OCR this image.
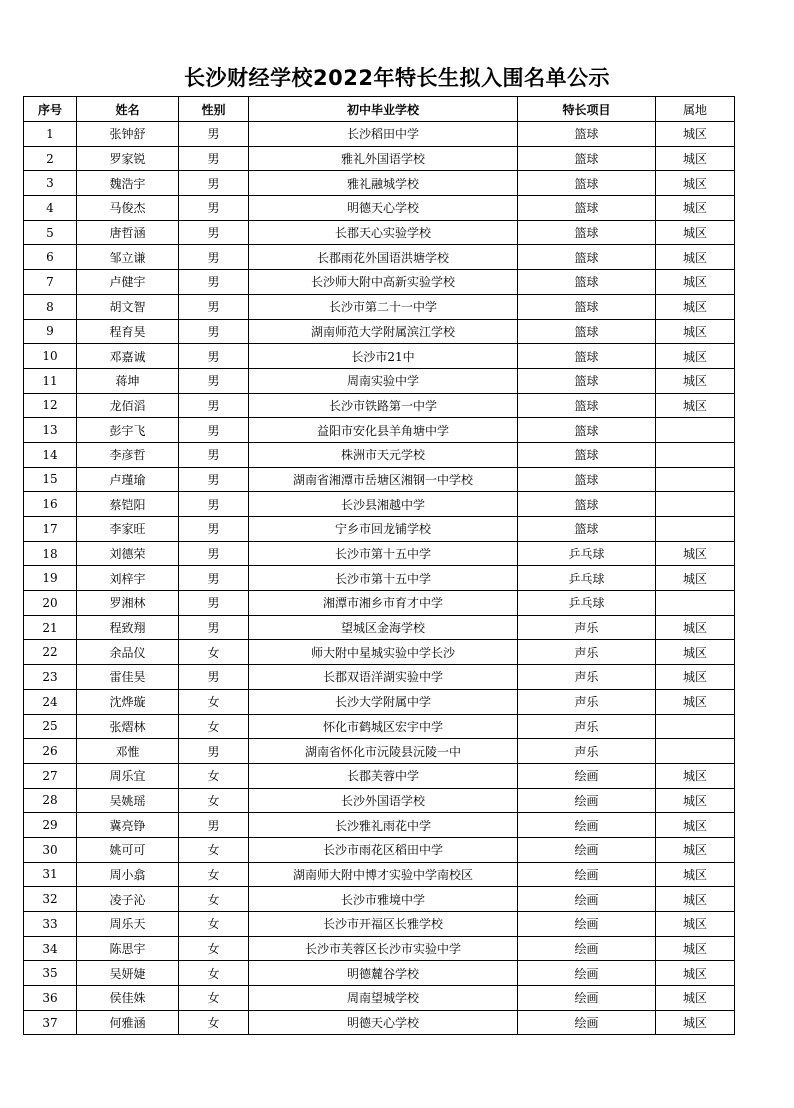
长沙财经学校2022年特长生拟入围名单公示
序号	姓名	性别	初中毕业学校	特长项目	属地
1	张钟舒	男	长沙稻田中学	篮球	城区
2	罗家锐	男	雅礼外国语学校	篮球	城区
3	魏浩宇	男	雅礼融城学校	篮球	城区
4	马俊杰	男	明德天心学校	篮球	城区
5	唐哲涵	男	长郡天心实验学校	篮球	城区
6	邹立谦	男	长郡雨花外国语洪塘学校	篮球	城区
7	卢健宇	男	长沙师大附中高新实验学校	篮球	城区
8	胡文智	男	长沙市第二十一中学	篮球	城区
9	程育昊	男	湖南师范大学附属滨江学校	篮球	城区
10	邓嘉诚	男	长沙市21中	篮球	城区
11	蒋坤	男	周南实验中学	篮球	城区
12	龙佰滔	男	长沙市铁路第一中学	篮球	城区
13	彭宇飞	男	益阳市安化县羊角塘中学	篮球	
14	李彦哲	男	株洲市天元学校	篮球	
15	卢瑾瑜	男	湖南省湘潭市岳塘区湘钢一中学校	篮球	
16	蔡铠阳	男	长沙县湘越中学	篮球	
17	李家旺	男	宁乡市回龙铺学校	篮球	
18	刘德荣	男	长沙市第十五中学	乒乓球	城区
19	刘梓宇	男	长沙市第十五中学	乒乓球	城区
20	罗湘林	男	湘潭市湘乡市育才中学	乒乓球	
21	程致翔	男	望城区金海学校	声乐	城区
22	余品仪	女	师大附中星城实验中学长沙	声乐	城区
23	雷佳昊	男	长郡双语洋湖实验中学	声乐	城区
24	沈烨璇	女	长沙大学附属中学	声乐	城区
25	张熠林	女	怀化市鹤城区宏宇中学	声乐	
26	邓惟	男	湖南省怀化市沅陵县沅陵一中	声乐	
27	周乐宜	女	长郡芙蓉中学	绘画	城区
28	吴姚瑶	女	长沙外国语学校	绘画	城区
29	冀亮铮	男	长沙雅礼雨花中学	绘画	城区
30	姚可可	女	长沙市雨花区稻田中学	绘画	城区
31	周小翕	女	湖南师大附中博才实验中学南校区	绘画	城区
32	凌子沁	女	长沙市雅境中学	绘画	城区
33	周乐天	女	长沙市开福区长雅学校	绘画	城区
34	陈思宇	女	长沙市芙蓉区长沙市实验中学	绘画	城区
35	吴妍婕	女	明德麓谷学校	绘画	城区
36	侯佳姝	女	周南望城学校	绘画	城区
37	何雅涵	女	明德天心学校	绘画	城区
